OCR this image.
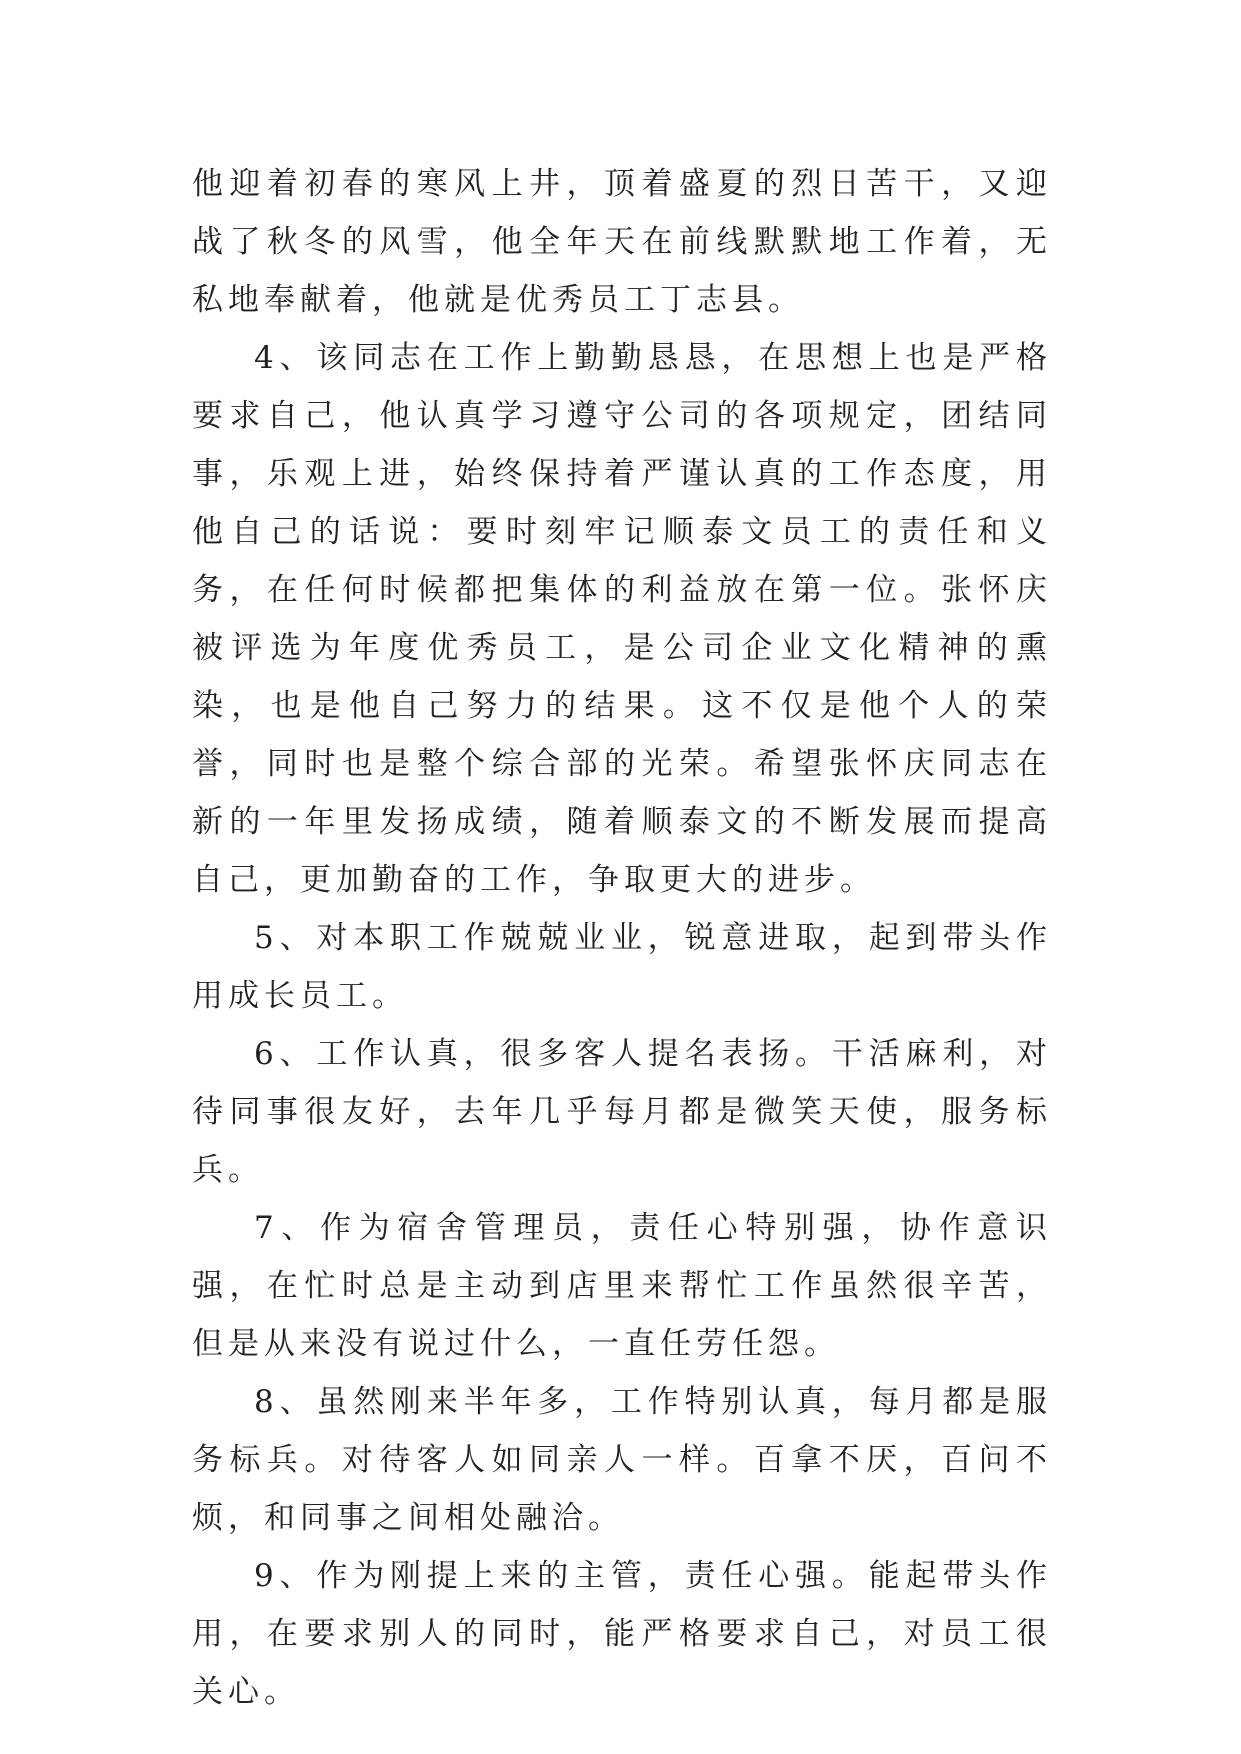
他迎着初春的寒风上井，顶着盛夏的烈日苦干，又迎战了秋冬的风雪，他全年天在前线默默地工作着，无私地奉献着，他就是优秀员工丁志县。

4、该同志在工作上勤勤恳恳，在思想上也是严格要求自己，他认真学习遵守公司的各项规定，团结同事，乐观上进，始终保持着严谨认真的工作态度，用他自己的话说：要时刻牢记顺泰文员工的责任和义务，在任何时候都把集体的利益放在第一位。张怀庆被评选为年度优秀员工，是公司企业文化精神的熏染，也是他自己努力的结果。这不仅是他个人的荣誉，同时也是整个综合部的光荣。希望张怀庆同志在新的一年里发扬成绩，随着顺泰文的不断发展而提高自己，更加勤奋的工作，争取更大的进步。

5、对本职工作兢兢业业，锐意进取，起到带头作用成长员工。

6、工作认真，很多客人提名表扬。干活麻利，对待同事很友好，去年几乎每月都是微笑天使，服务标兵。

7、作为宿舍管理员，责任心特别强，协作意识强，在忙时总是主动到店里来帮忙工作虽然很辛苦，但是从来没有说过什么，一直任劳任怨。

8、虽然刚来半年多，工作特别认真，每月都是服务标兵。对待客人如同亲人一样。百拿不厌，百问不烦，和同事之间相处融洽。

9、作为刚提上来的主管，责任心强。能起带头作用，在要求别人的同时，能严格要求自己，对员工很关心。
